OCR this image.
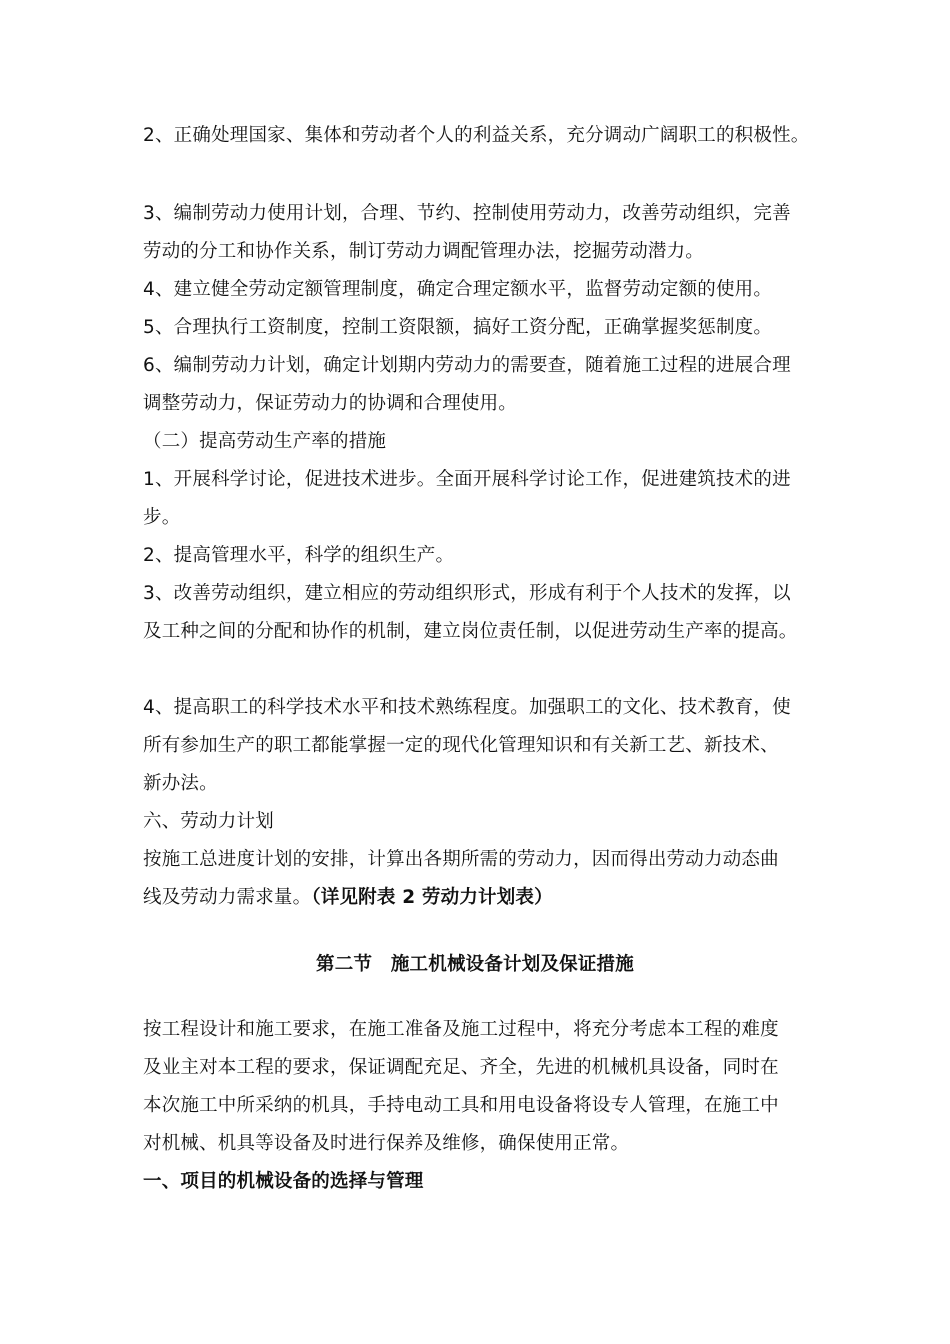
2、正确处理国家、集体和劳动者个人的利益关系，充分调动广阔职工的积极性。
3、编制劳动力使用计划，合理、节约、控制使用劳动力，改善劳动组织，完善
劳动的分工和协作关系，制订劳动力调配管理办法，挖掘劳动潜力。
4、建立健全劳动定额管理制度，确定合理定额水平，监督劳动定额的使用。
5、合理执行工资制度，控制工资限额，搞好工资分配，正确掌握奖惩制度。
6、编制劳动力计划，确定计划期内劳动力的需要查，随着施工过程的进展合理
调整劳动力，保证劳动力的协调和合理使用。
（二）提高劳动生产率的措施
1、开展科学讨论，促进技术进步。全面开展科学讨论工作，促进建筑技术的进
步。
2、提高管理水平，科学的组织生产。
3、改善劳动组织，建立相应的劳动组织形式，形成有利于个人技术的发挥，以
及工种之间的分配和协作的机制，建立岗位责任制，以促进劳动生产率的提高。
4、提高职工的科学技术水平和技术熟练程度。加强职工的文化、技术教育，使
所有参加生产的职工都能掌握一定的现代化管理知识和有关新工艺、新技术、
新办法。
六、劳动力计划
按施工总进度计划的安排，计算出各期所需的劳动力，因而得出劳动力动态曲
线及劳动力需求量。（详见附表 2 劳动力计划表）
第二节　施工机械设备计划及保证措施
按工程设计和施工要求，在施工准备及施工过程中，将充分考虑本工程的难度
及业主对本工程的要求，保证调配充足、齐全，先进的机械机具设备，同时在
本次施工中所采纳的机具，手持电动工具和用电设备将设专人管理，在施工中
对机械、机具等设备及时进行保养及维修，确保使用正常。
一、项目的机械设备的选择与管理
